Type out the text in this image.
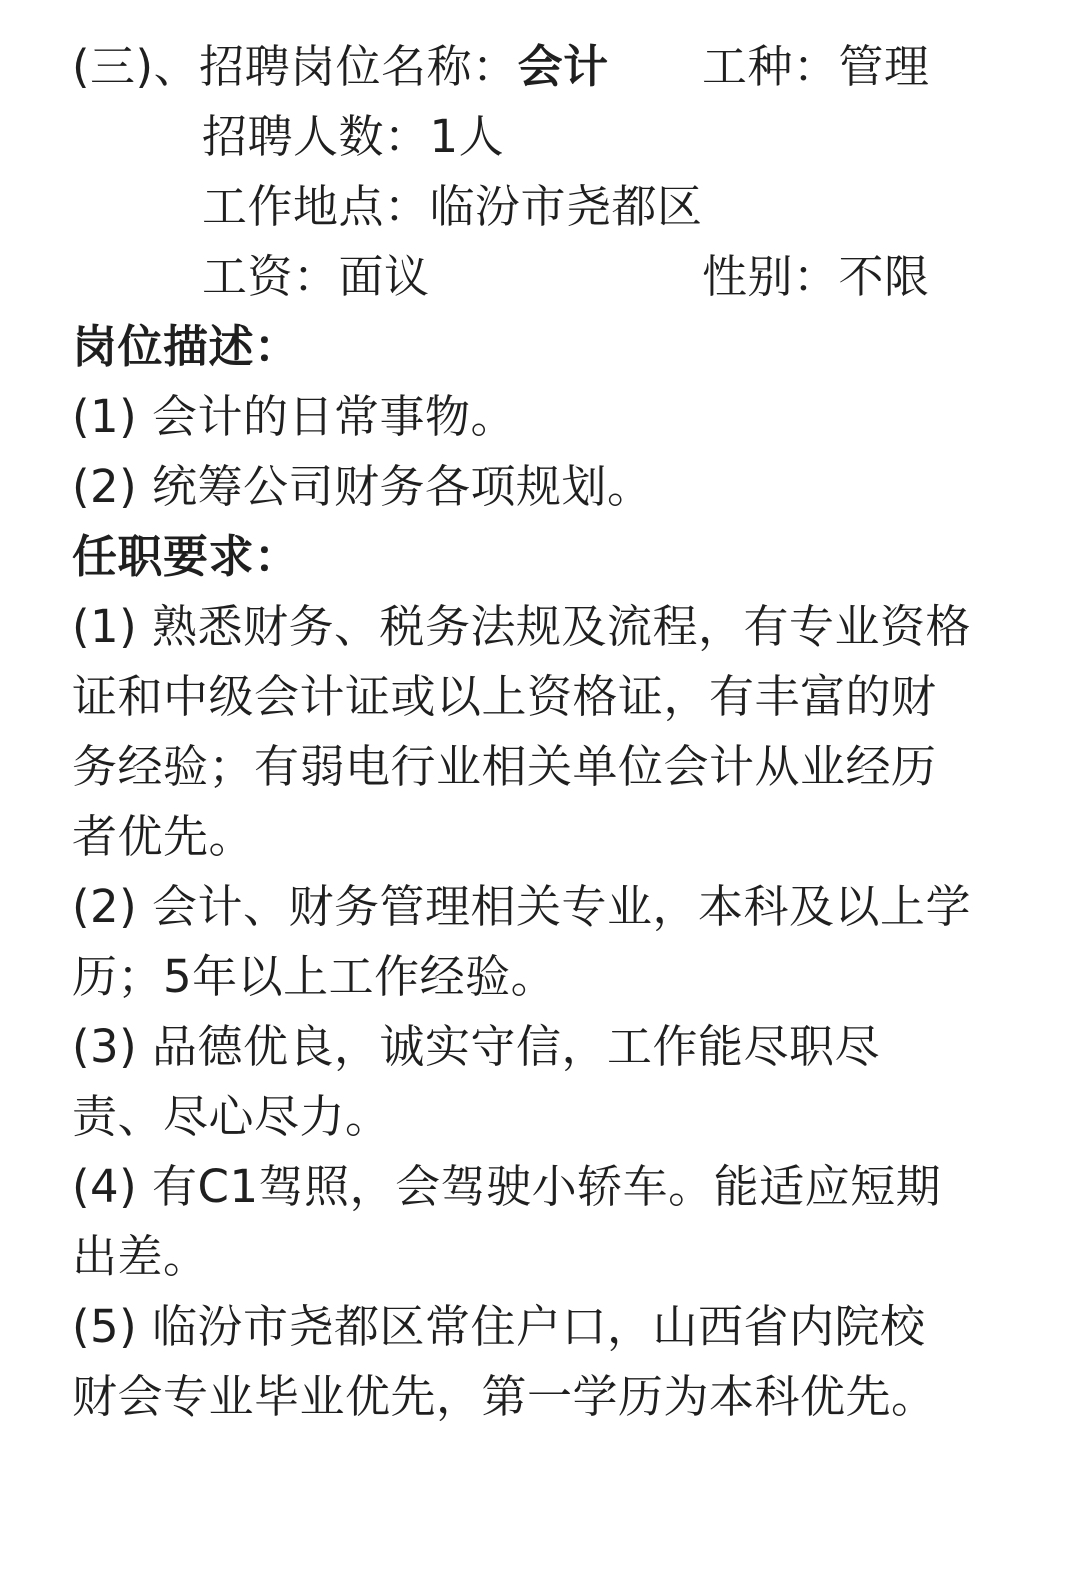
(三)、招聘岗位名称：会计 工种：管理
招聘人数：1人
工作地点：临汾市尧都区
工资：面议	性别：不限
岗位描述：
(1) 会计的日常事物。
(2) 统筹公司财务各项规划。
任职要求：
(1) 熟悉财务、税务法规及流程，有专业资格
证和中级会计证或以上资格证，有丰富的财
务经验；有弱电行业相关单位会计从业经历
者优先。
(2) 会计、财务管理相关专业，本科及以上学
历；5年以上工作经验。
(3) 品德优良，诚实守信，工作能尽职尽
责、尽心尽力。
(4) 有C1驾照，会驾驶小轿车。能适应短期
出差。
(5) 临汾市尧都区常住户口，山西省内院校
财会专业毕业优先，第一学历为本科优先。
